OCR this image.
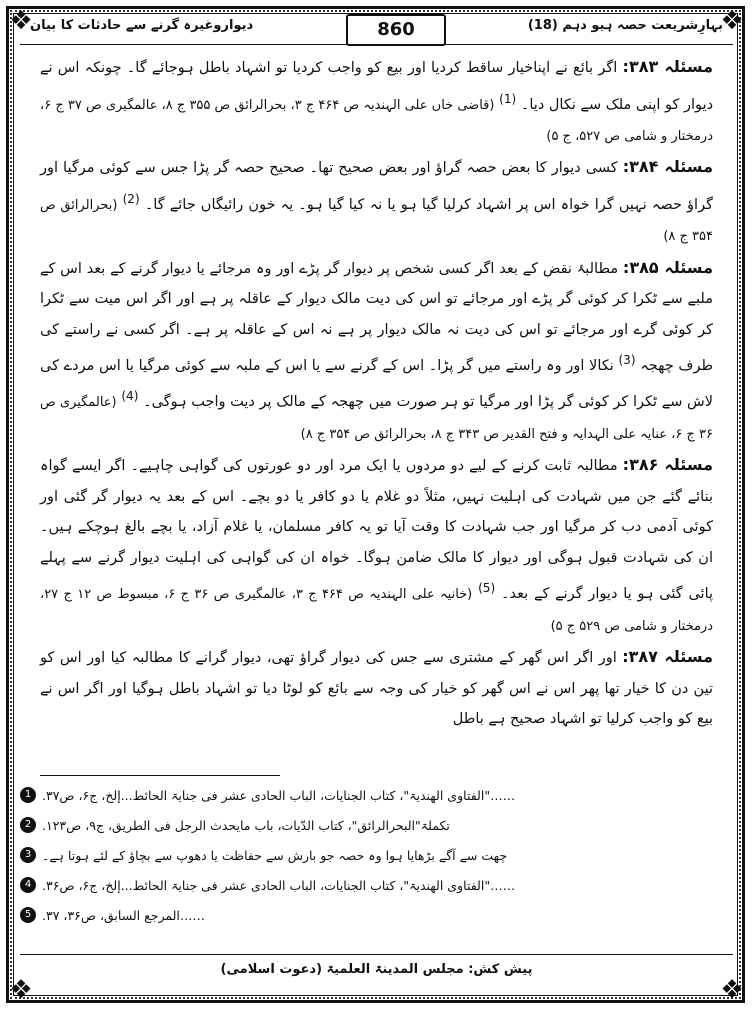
❖	❖
❖	❖
بہارِشریعت حصہ ہیو دہم (18)
860
دیواروغیرہ گرنے سے حادثات کا بیان

مسئلہ ۳۸۳: اگر بائع نے اپناخیار ساقط کردیا اور بیع کو واجب کردیا تو اشہاد باطل ہوجائے گا۔ چونکہ اس نے دیوار کو اپنی ملک سے نکال دیا۔ $^{(1)}$ (قاضی خاں علی الہندیہ ص ۴۶۴ ج ۳، بحرالرائق ص ۳۵۵ ج ۸، عالمگیری ص ۳۷ ج ۶، درمختار و شامی ص ۵۲۷، ج ۵)

مسئلہ ۳۸۴: کسی دیوار کا بعض حصہ گراؤ اور بعض صحیح تھا۔ صحیح حصہ گر پڑا جس سے کوئی مرگیا اور گراؤ حصہ نہیں گرا خواہ اس پر اشہاد کرلیا گیا ہو یا نہ کیا گیا ہو۔ یہ خون رائیگاں جائے گا۔ $^{(2)}$ (بحرالرائق ص ۳۵۴ ج ۸)

مسئلہ ۳۸۵: مطالبۂ نقض کے بعد اگر کسی شخص پر دیوار گر پڑے اور وہ مرجائے یا دیوار گرنے کے بعد اس کے ملبے سے ٹکرا کر کوئی گر پڑے اور مرجائے تو اس کی دیت مالک دیوار کے عاقلہ پر ہے اور اگر اس میت سے ٹکرا کر کوئی گرے اور مرجائے تو اس کی دیت نہ مالک دیوار پر ہے نہ اس کے عاقلہ پر ہے۔ اگر کسی نے راستے کی طرف چھجہ $^{(3)}$ نکالا اور وہ راستے میں گر پڑا۔ اس کے گرنے سے یا اس کے ملبہ سے کوئی مرگیا یا اس مردے کی لاش سے ٹکرا کر کوئی گر پڑا اور مرگیا تو ہر صورت میں چھجہ کے مالک پر دیت واجب ہوگی۔ $^{(4)}$ (عالمگیری ص ۳۶ ج ۶، عنایہ علی الہدایہ و فتح القدیر ص ۳۴۳ ج ۸، بحرالرائق ص ۳۵۴ ج ۸)

مسئلہ ۳۸۶: مطالبہ ثابت کرنے کے لیے دو مردوں یا ایک مرد اور دو عورتوں کی گواہی چاہیے۔ اگر ایسے گواہ بنائے گئے جن میں شہادت کی اہلیت نہیں، مثلاً دو غلام یا دو کافر یا دو بچے۔ اس کے بعد یہ دیوار گر گئی اور کوئی آدمی دب کر مرگیا اور جب شہادت کا وقت آیا تو یہ کافر مسلمان، یا غلام آزاد، یا بچے بالغ ہوچکے ہیں۔ ان کی شہادت قبول ہوگی اور دیوار کا مالک ضامن ہوگا۔ خواہ ان کی گواہی کی اہلیت دیوار گرنے سے پہلے پائی گئی ہو یا دیوار گرنے کے بعد۔ $^{(5)}$ (خانیہ علی الہندیہ ص ۴۶۴ ج ۳، عالمگیری ص ۳۶ ج ۶، مبسوط ص ۱۲ ج ۲۷، درمختار و شامی ص ۵۲۹ ج ۵)

مسئلہ ۳۸۷: اور اگر اس گھر کے مشتری سے جس کی دیوار گراؤ تھی، دیوار گرانے کا مطالبہ کیا اور اس کو تین دن کا خیار تھا پھر اس نے اس گھر کو خیار کی وجہ سے بائع کو لوٹا دیا تو اشہاد باطل ہوگیا اور اگر اس نے بیع کو واجب کرلیا تو اشہاد صحیح ہے باطل

1 ……"الفتاوی الھندیۃ"، کتاب الجنایات، الباب الحادی عشر فی جنایۃ الحائط...إلخ، ج۶، ص۳۷.
2 تکملۃ"البحرالرائق"، کتاب الدّیات، باب مایحدث الرجل فی الطریق، ج۹، ص۱۲۳.
3 چھت سے آگے بڑھایا ہوا وہ حصہ جو بارش سے حفاظت یا دھوپ سے بچاؤ کے لئے ہوتا ہے۔
4 ……"الفتاوی الھندیۃ"، کتاب الجنایات، الباب الحادی عشر فی جنایۃ الحائط...إلخ، ج۶، ص۳۶.
5 ……المرجع السابق، ص۳۶، ۳۷.
پیش کش: مجلس المدینۃ العلمیۃ (دعوت اسلامی)
